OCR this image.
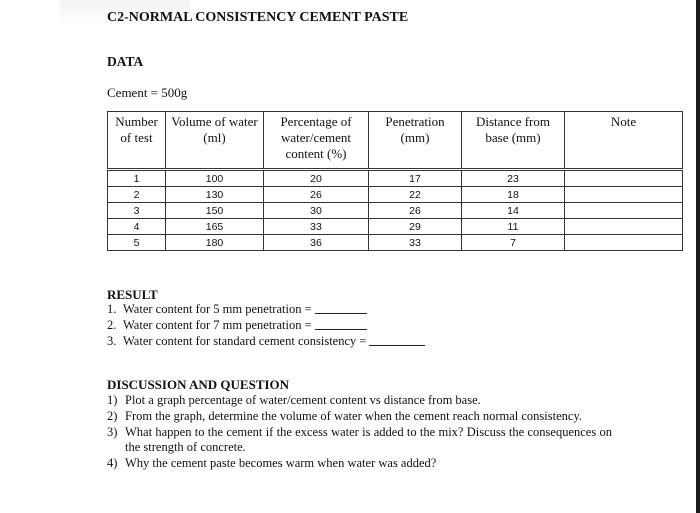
C2-NORMAL CONSISTENCY CEMENT PASTE
DATA
Cement = 500g
Number of test	Volume of water (ml)	Percentage of water/cement content (%)	Penetration (mm)	Distance from base (mm)	Note
1	100	20	17	23	
2	130	26	22	18	
3	150	30	26	14	
4	165	33	29	11	
5	180	36	33	7	
RESULT
1. Water content for 5 mm penetration =
2. Water content for 7 mm penetration =
3. Water content for standard cement consistency =
DISCUSSION AND QUESTION
1) Plot a graph percentage of water/cement content vs distance from base.
2) From the graph, determine the volume of water when the cement reach normal consistency.
3) What happen to the cement if the excess water is added to the mix? Discuss the consequences on the strength of concrete.
4) Why the cement paste becomes warm when water was added?
